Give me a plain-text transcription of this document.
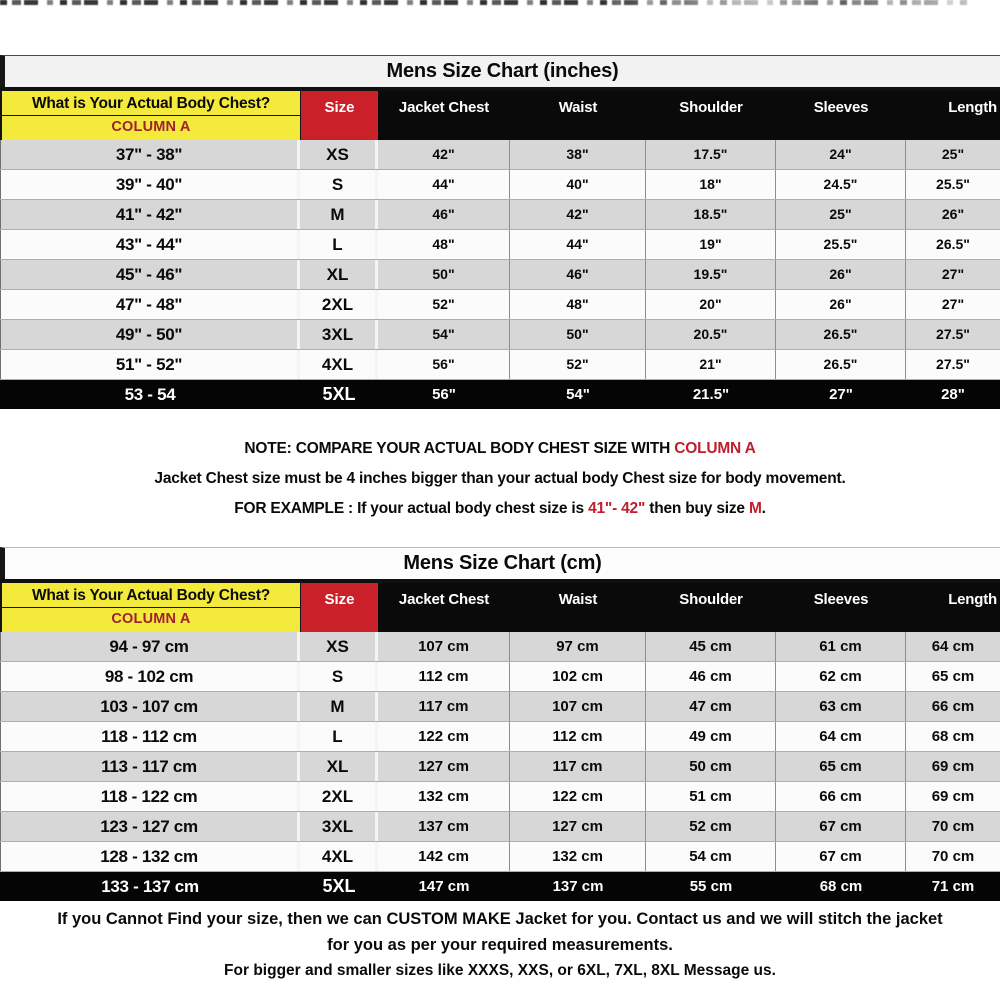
Mens Size Chart (inches)
What is Your Actual Body Chest?
COLUMN A
Size	Jacket Chest	Waist	Shoulder	Sleeves	Length
37" - 38"	XS	42"	38"	17.5"	24"	25"
39" - 40"	S	44"	40"	18"	24.5"	25.5"
41" - 42"	M	46"	42"	18.5"	25"	26"
43" - 44"	L	48"	44"	19"	25.5"	26.5"
45" - 46"	XL	50"	46"	19.5"	26"	27"
47" - 48"	2XL	52"	48"	20"	26"	27"
49" - 50"	3XL	54"	50"	20.5"	26.5"	27.5"
51" - 52"	4XL	56"	52"	21"	26.5"	27.5"
53 - 54	5XL	56"	54"	21.5"	27"	28"
NOTE: COMPARE YOUR ACTUAL BODY CHEST SIZE WITH COLUMN A
Jacket Chest size must be 4 inches bigger than your actual body Chest size for body movement.
FOR EXAMPLE : If your actual body chest size is 41"- 42" then buy size M.
Mens Size Chart (cm)
What is Your Actual Body Chest?
COLUMN A
Size	Jacket Chest	Waist	Shoulder	Sleeves	Length
94 - 97 cm	XS	107 cm	97 cm	45 cm	61 cm	64 cm
98 - 102 cm	S	112 cm	102 cm	46 cm	62 cm	65 cm
103 - 107 cm	M	117 cm	107 cm	47 cm	63 cm	66 cm
118 - 112 cm	L	122 cm	112 cm	49 cm	64 cm	68 cm
113 - 117 cm	XL	127 cm	117 cm	50 cm	65 cm	69 cm
118 - 122 cm	2XL	132 cm	122 cm	51 cm	66 cm	69 cm
123 - 127 cm	3XL	137 cm	127 cm	52 cm	67 cm	70 cm
128 - 132 cm	4XL	142 cm	132 cm	54 cm	67 cm	70 cm
133 - 137 cm	5XL	147 cm	137 cm	55 cm	68 cm	71 cm
If you Cannot Find your size, then we can CUSTOM MAKE Jacket for you. Contact us and we will stitch the jacket
for you as per your required measurements.
For bigger and smaller sizes like XXXS, XXS, or 6XL, 7XL, 8XL Message us.
